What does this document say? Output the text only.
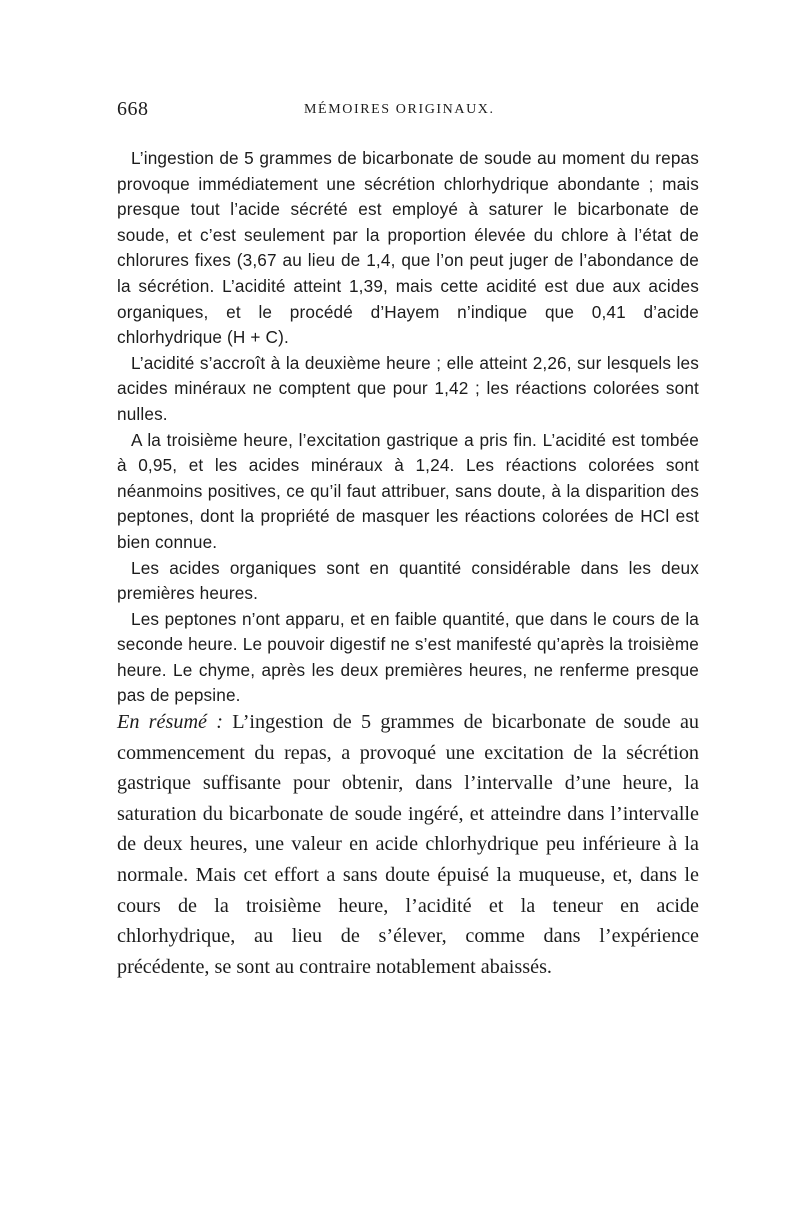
668	MÉMOIRES ORIGINAUX.

L’ingestion de 5 grammes de bicarbonate de soude au moment du repas provoque immédiatement une sécrétion chlorhydrique abondante ; mais presque tout l’acide sécrété est employé à saturer le bicarbonate de soude, et c’est seulement par la proportion élevée du chlore à l’état de chlorures fixes (3,67 au lieu de 1,4, que l’on peut juger de l’abondance de la sécrétion. L’acidité atteint 1,39, mais cette acidité est due aux acides organiques, et le procédé d’Hayem n’indique que 0,41 d’acide chlorhydrique (H + C).

L’acidité s’accroît à la deuxième heure ; elle atteint 2,26, sur lesquels les acides minéraux ne comptent que pour 1,42 ; les réactions colorées sont nulles.

A la troisième heure, l’excitation gastrique a pris fin. L’acidité est tombée à 0,95, et les acides minéraux à 1,24. Les réactions colorées sont néanmoins positives, ce qu’il faut attribuer, sans doute, à la disparition des peptones, dont la propriété de masquer les réactions colorées de HCl est bien connue.

Les acides organiques sont en quantité considérable dans les deux premières heures.

Les peptones n’ont apparu, et en faible quantité, que dans le cours de la seconde heure. Le pouvoir digestif ne s’est manifesté qu’après la troisième heure. Le chyme, après les deux premières heures, ne renferme presque pas de pepsine.

En résumé : L’ingestion de 5 grammes de bicarbonate de soude au commencement du repas, a provoqué une excitation de la sécrétion gastrique suffisante pour obtenir, dans l’intervalle d’une heure, la saturation du bicarbonate de soude ingéré, et atteindre dans l’intervalle de deux heures, une valeur en acide chlorhydrique peu inférieure à la normale. Mais cet effort a sans doute épuisé la muqueuse, et, dans le cours de la troisième heure, l’acidité et la teneur en acide chlorhydrique, au lieu de s’élever, comme dans l’expérience précédente, se sont au contraire notablement abaissés.
